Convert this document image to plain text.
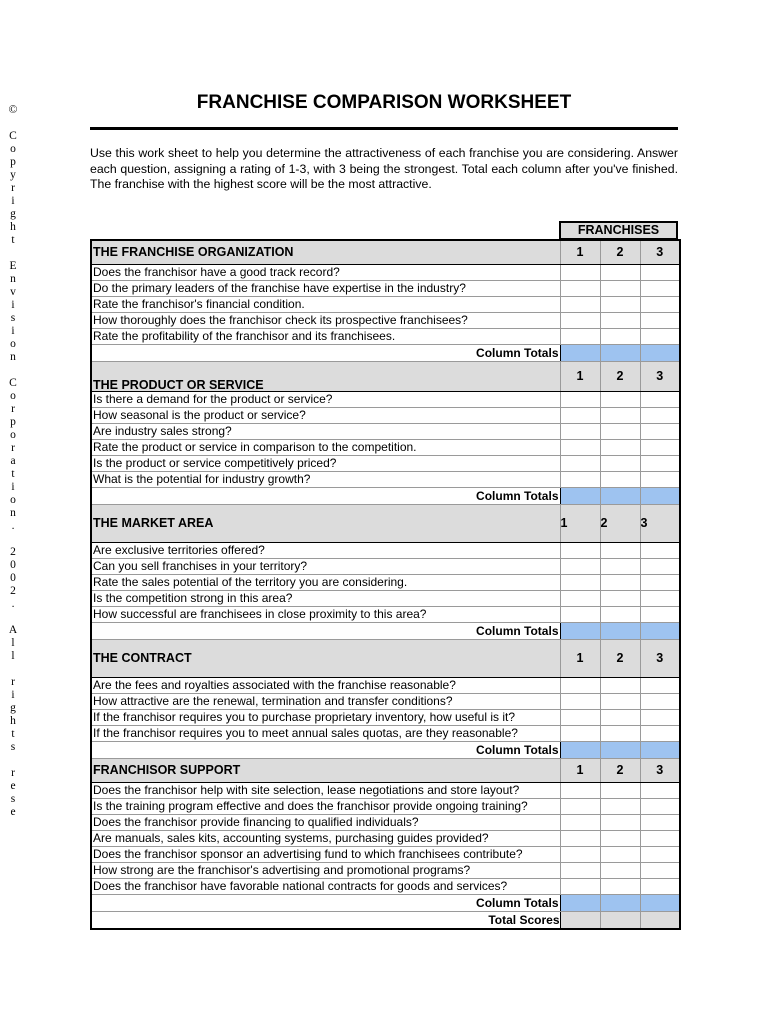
©

C
o
p
y
r
i
g
h
t

E
n
v
i
s
i
o
n

C
o
r
p
o
r
a
t
i
o
n
.

2
0
0
2
.

A
l
l

r
i
g
h
t
s

r
e
s
e
FRANCHISE COMPARISON WORKSHEET
Use this work sheet to help you determine the attractiveness of each franchise you are considering. Answer each question, assigning a rating of 1-3, with 3 being the strongest. Total each column after you've finished. The franchise with the highest score will be the most attractive.
FRANCHISES
THE FRANCHISE ORGANIZATION	1	2	3
Does the franchisor have a good track record?			
Do the primary leaders of the franchise have expertise in the industry?			
Rate the franchisor's financial condition.			
How thoroughly does the franchisor check its prospective franchisees?			
Rate the profitability of the franchisor and its franchisees.			
Column Totals			
THE PRODUCT OR SERVICE	1	2	3
Is there a demand for the product or service?			
How seasonal is the product or service?			
Are industry sales strong?			
Rate the product or service in comparison to the competition.			
Is the product or service competitively priced?			
What is the potential for industry growth?			
Column Totals			
THE MARKET AREA	1	2	3
Are exclusive territories offered?			
Can you sell franchises in your territory?			
Rate the sales potential of the territory you are considering.			
Is the competition strong in this area?			
How successful are franchisees in close proximity to this area?			
Column Totals			
THE CONTRACT	1	2	3
Are the fees and royalties associated with the franchise reasonable?			
How attractive are the renewal, termination and transfer conditions?			
If the franchisor requires you to purchase proprietary inventory, how useful is it?			
If the franchisor requires you to meet annual sales quotas, are they reasonable?			
Column Totals			
FRANCHISOR SUPPORT	1	2	3
Does the franchisor help with site selection, lease negotiations and store layout?			
Is the training program effective and does the franchisor provide ongoing training?			
Does the franchisor provide financing to qualified individuals?			
Are manuals, sales kits, accounting systems, purchasing guides provided?			
Does the franchisor sponsor an advertising fund to which franchisees contribute?			
How strong are the franchisor's advertising and promotional programs?			
Does the franchisor have favorable national contracts for goods and services?			
Column Totals			
Total Scores			
